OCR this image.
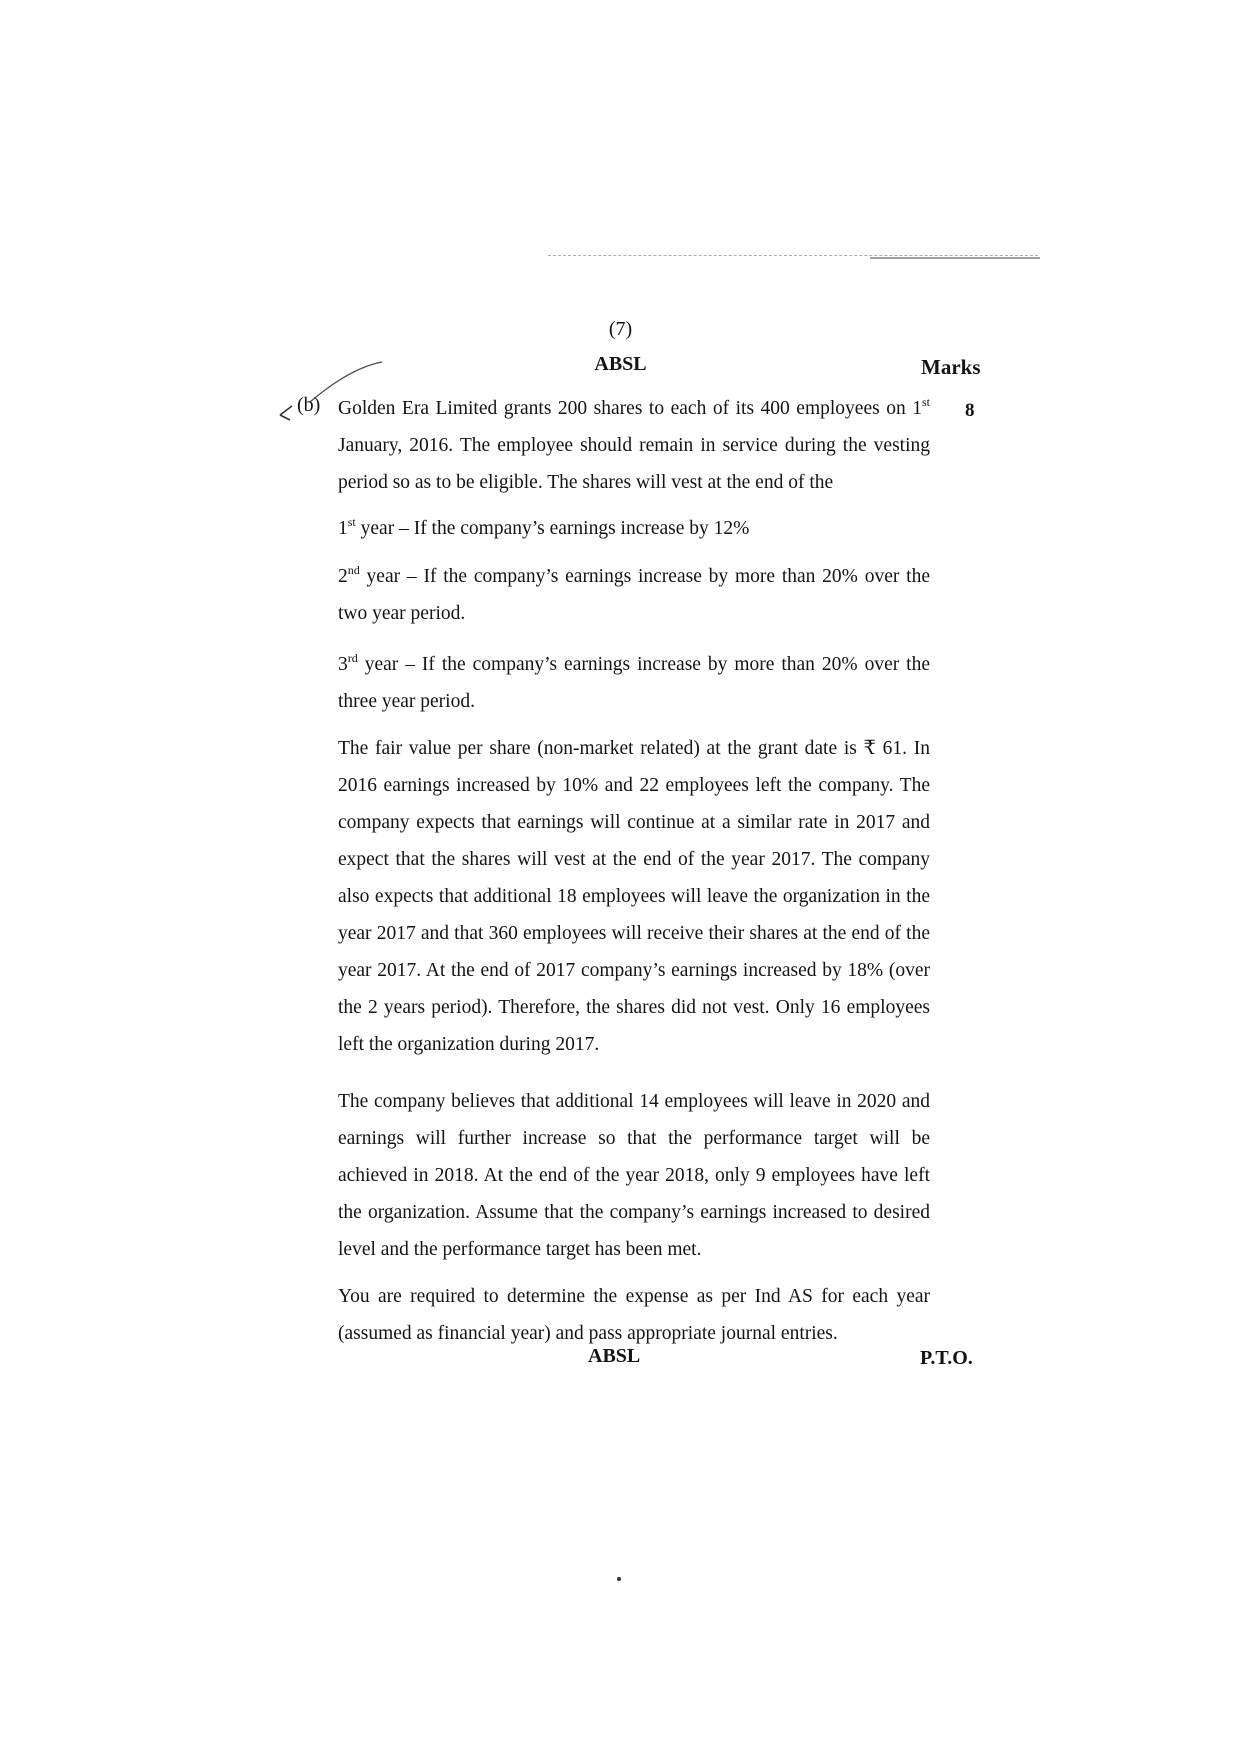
(7)
ABSL	Marks
(b)	8

Golden Era Limited grants 200 shares to each of its 400 employees on 1st January, 2016. The employee should remain in service during the vesting period so as to be eligible. The shares will vest at the end of the

1st year – If the company’s earnings increase by 12%

2nd year – If the company’s earnings increase by more than 20% over the two year period.

3rd year – If the company’s earnings increase by more than 20% over the three year period.

The fair value per share (non-market related) at the grant date is ₹ 61. In 2016 earnings increased by 10% and 22 employees left the company. The company expects that earnings will continue at a similar rate in 2017 and expect that the shares will vest at the end of the year 2017. The company also expects that additional 18 employees will leave the organization in the year 2017 and that 360 employees will receive their shares at the end of the year 2017. At the end of 2017 company’s earnings increased by 18% (over the 2 years period). Therefore, the shares did not vest. Only 16 employees left the organization during 2017.

The company believes that additional 14 employees will leave in 2020 and earnings will further increase so that the performance target will be achieved in 2018. At the end of the year 2018, only 9 employees have left the organization. Assume that the company’s earnings increased to desired level and the performance target has been met.

You are required to determine the expense as per Ind AS for each year (assumed as financial year) and pass appropriate journal entries.

ABSL	P.T.O.
